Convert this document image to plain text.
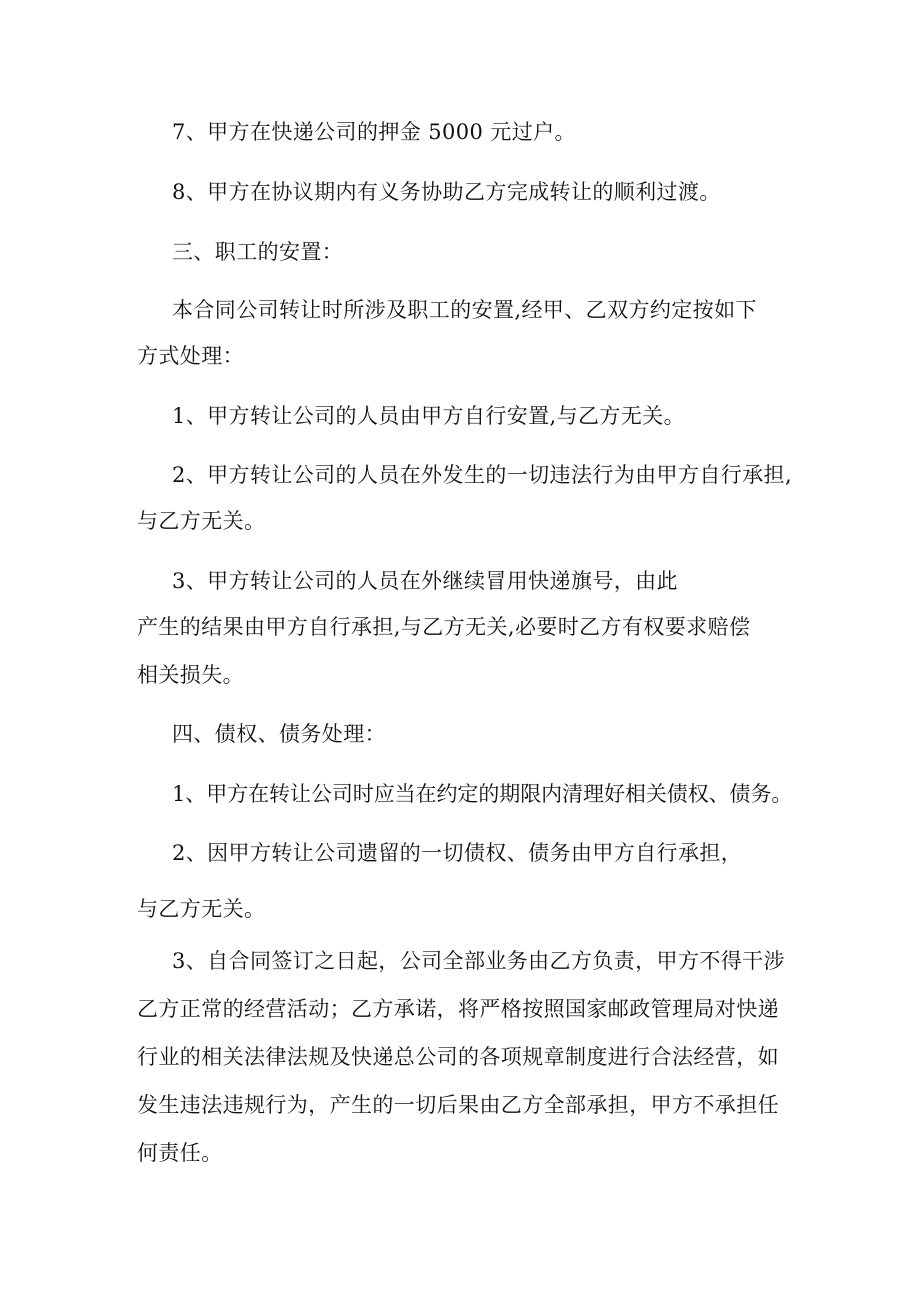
7、甲方在快递公司的押金 5000 元过户。
8、甲方在协议期内有义务协助乙方完成转让的顺利过渡。
三、职工的安置：
本合同公司转让时所涉及职工的安置,经甲、乙双方约定按如下
方式处理：
1、甲方转让公司的人员由甲方自行安置,与乙方无关。
2、甲方转让公司的人员在外发生的一切违法行为由甲方自行承担,
与乙方无关。
3、甲方转让公司的人员在外继续冒用快递旗号，由此
产生的结果由甲方自行承担,与乙方无关,必要时乙方有权要求赔偿
相关损失。
四、债权、债务处理：
1、甲方在转让公司时应当在约定的期限内清理好相关债权、债务。
2、因甲方转让公司遗留的一切债权、债务由甲方自行承担，
与乙方无关。
3、自合同签订之日起，公司全部业务由乙方负责，甲方不得干涉
乙方正常的经营活动；乙方承诺，将严格按照国家邮政管理局对快递
行业的相关法律法规及快递总公司的各项规章制度进行合法经营，如
发生违法违规行为，产生的一切后果由乙方全部承担，甲方不承担任
何责任。
